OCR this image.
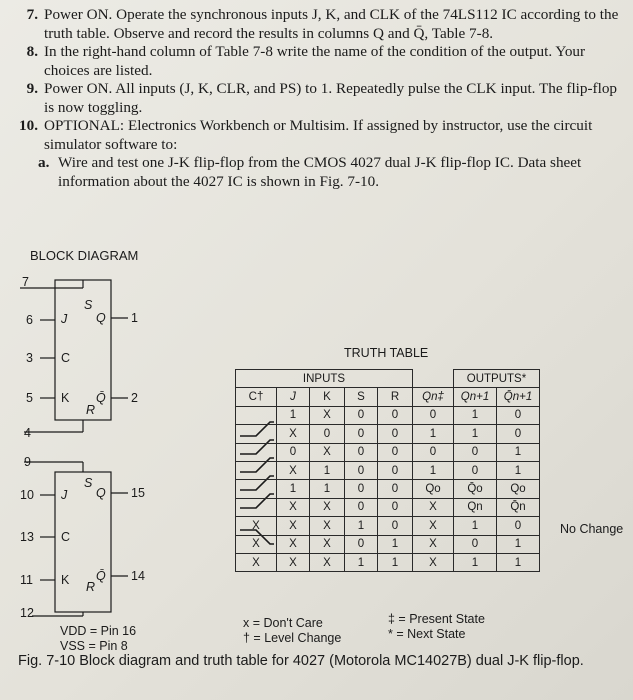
7. Power ON. Operate the synchronous inputs J, K, and CLK of the 74LS112 IC according to the truth table. Observe and record the results in columns Q and Q̄, Table 7-8.
8. In the right-hand column of Table 7-8 write the name of the condition of the output. Your choices are listed.
9. Power ON. All inputs (J, K, CLR, and PS) to 1. Repeatedly pulse the CLK input. The flip-flop is now toggling.
10. OPTIONAL: Electronics Workbench or Multisim. If assigned by instructor, use the circuit simulator software to:
a. Wire and test one J-K flip-flop from the CMOS 4027 dual J-K flip-flop IC. Data sheet information about the 4027 IC is shown in Fig. 7-10.
BLOCK DIAGRAM
7
6
3
5
4
1
2
S
J
C
K
R
Q
Q̄
9
10
13
11
12
15
14
S
J
C
K R
Q
Q̄
VDD = Pin 16
VSS = Pin 8
TRUTH TABLE
INPUTS						OUTPUTS*	
C†	J	K	S	R	Qn‡	Qn+1	Q̄n+1
	1	X	0	0	0	1	0
	X	0	0	0	1	1	0
	0	X	0	0	0	0	1
	X	1	0	0	1	0	1
	1	1	0	0	Qo	Q̄o	Qo
	X	X	0	0	X	Qn	Q̄n
X	X	X	1	0	X	1	0
X	X	X	0	1	X	0	1
X	X	X	1	1	X	1	1
No Change
x = Don't Care
† = Level Change
‡ = Present State
* = Next State
Fig. 7-10 Block diagram and truth table for 4027 (Motorola MC14027B) dual J-K flip-flop.
